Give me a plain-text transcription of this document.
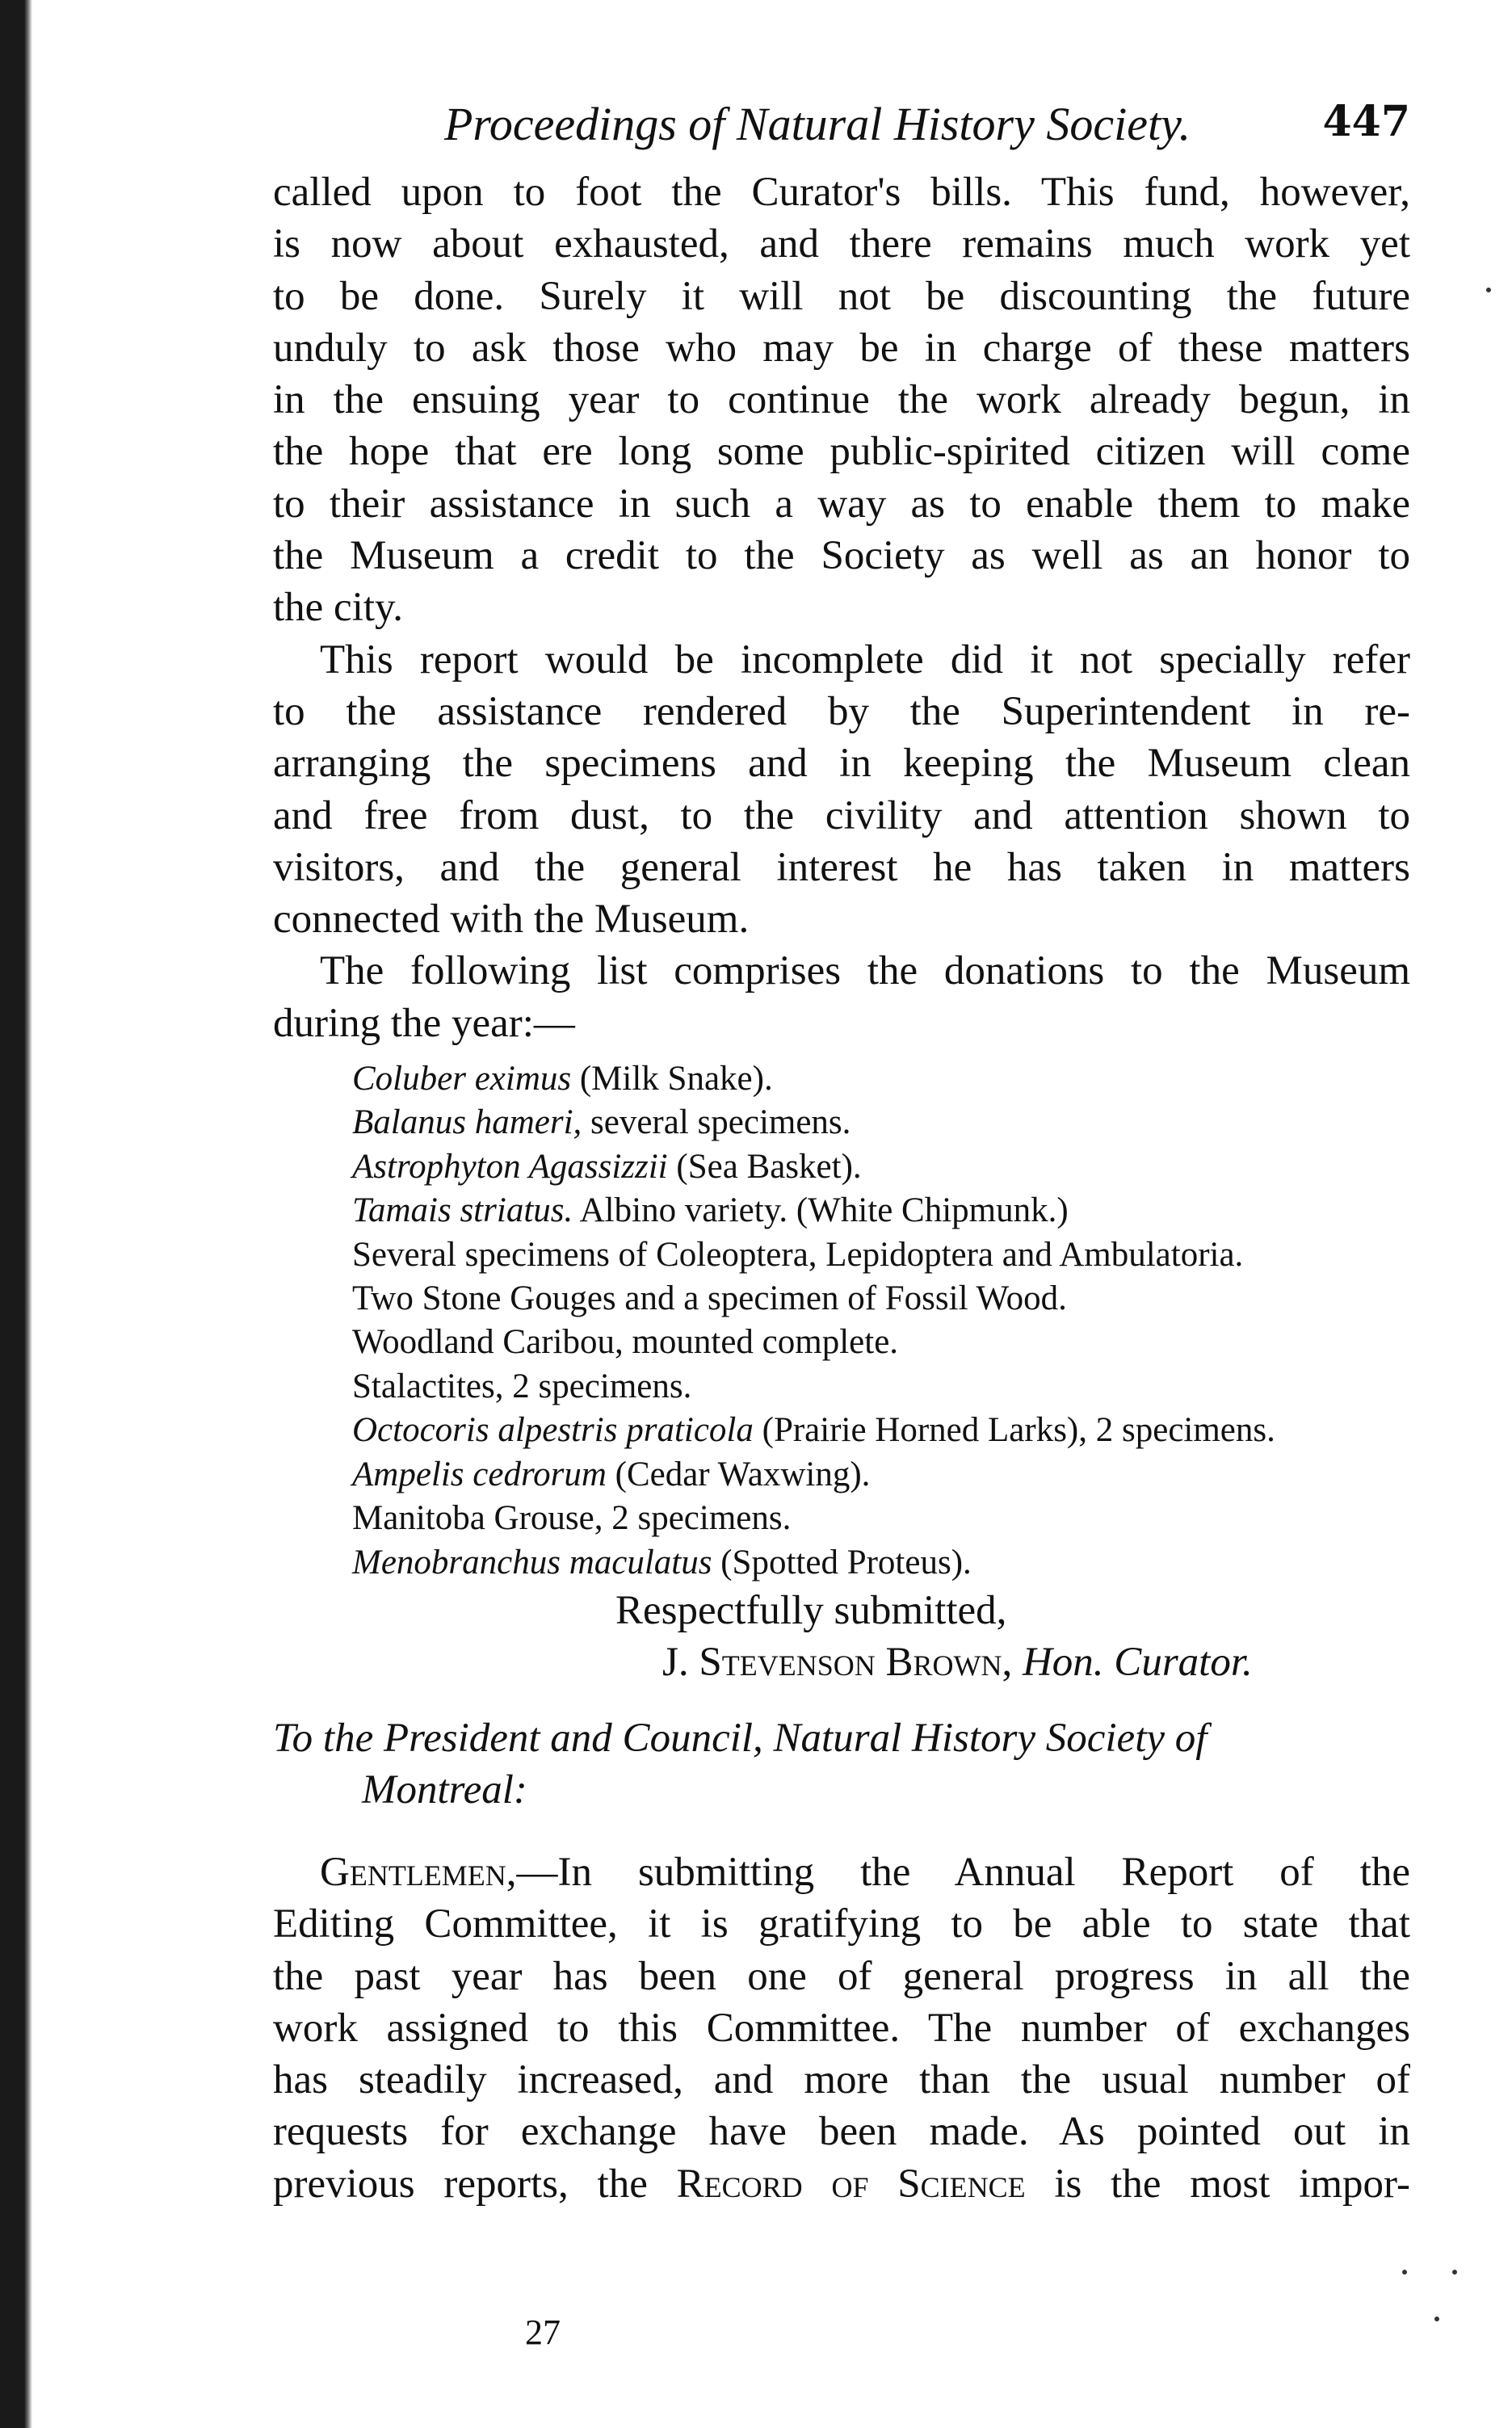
Proceedings of Natural History Society.	447
called upon to foot the Curator's bills. This fund, however,
is now about exhausted, and there remains much work yet
to be done. Surely it will not be discounting the future
unduly to ask those who may be in charge of these matters
in the ensuing year to continue the work already begun, in
the hope that ere long some public-spirited citizen will come
to their assistance in such a way as to enable them to make
the Museum a credit to the Society as well as an honor to
the city.
This report would be incomplete did it not specially refer
to the assistance rendered by the Superintendent in re-
arranging the specimens and in keeping the Museum clean
and free from dust, to the civility and attention shown to
visitors, and the general interest he has taken in matters
connected with the Museum.
The following list comprises the donations to the Museum
during the year:—
Coluber eximus (Milk Snake).
Balanus hameri, several specimens.
Astrophyton Agassizzii (Sea Basket).
Tamais striatus. Albino variety. (White Chipmunk.)
Several specimens of Coleoptera, Lepidoptera and Ambulatoria.
Two Stone Gouges and a specimen of Fossil Wood.
Woodland Caribou, mounted complete.
Stalactites, 2 specimens.
Octocoris alpestris praticola (Prairie Horned Larks), 2 specimens.
Ampelis cedrorum (Cedar Waxwing).
Manitoba Grouse, 2 specimens.
Menobranchus maculatus (Spotted Proteus).
Respectfully submitted,
J. Stevenson Brown, Hon. Curator.
To the President and Council, Natural History Society of
Montreal:
Gentlemen,—In submitting the Annual Report of the
Editing Committee, it is gratifying to be able to state that
the past year has been one of general progress in all the
work assigned to this Committee. The number of exchanges
has steadily increased, and more than the usual number of
requests for exchange have been made. As pointed out in
previous reports, the Record of Science is the most impor-
27
